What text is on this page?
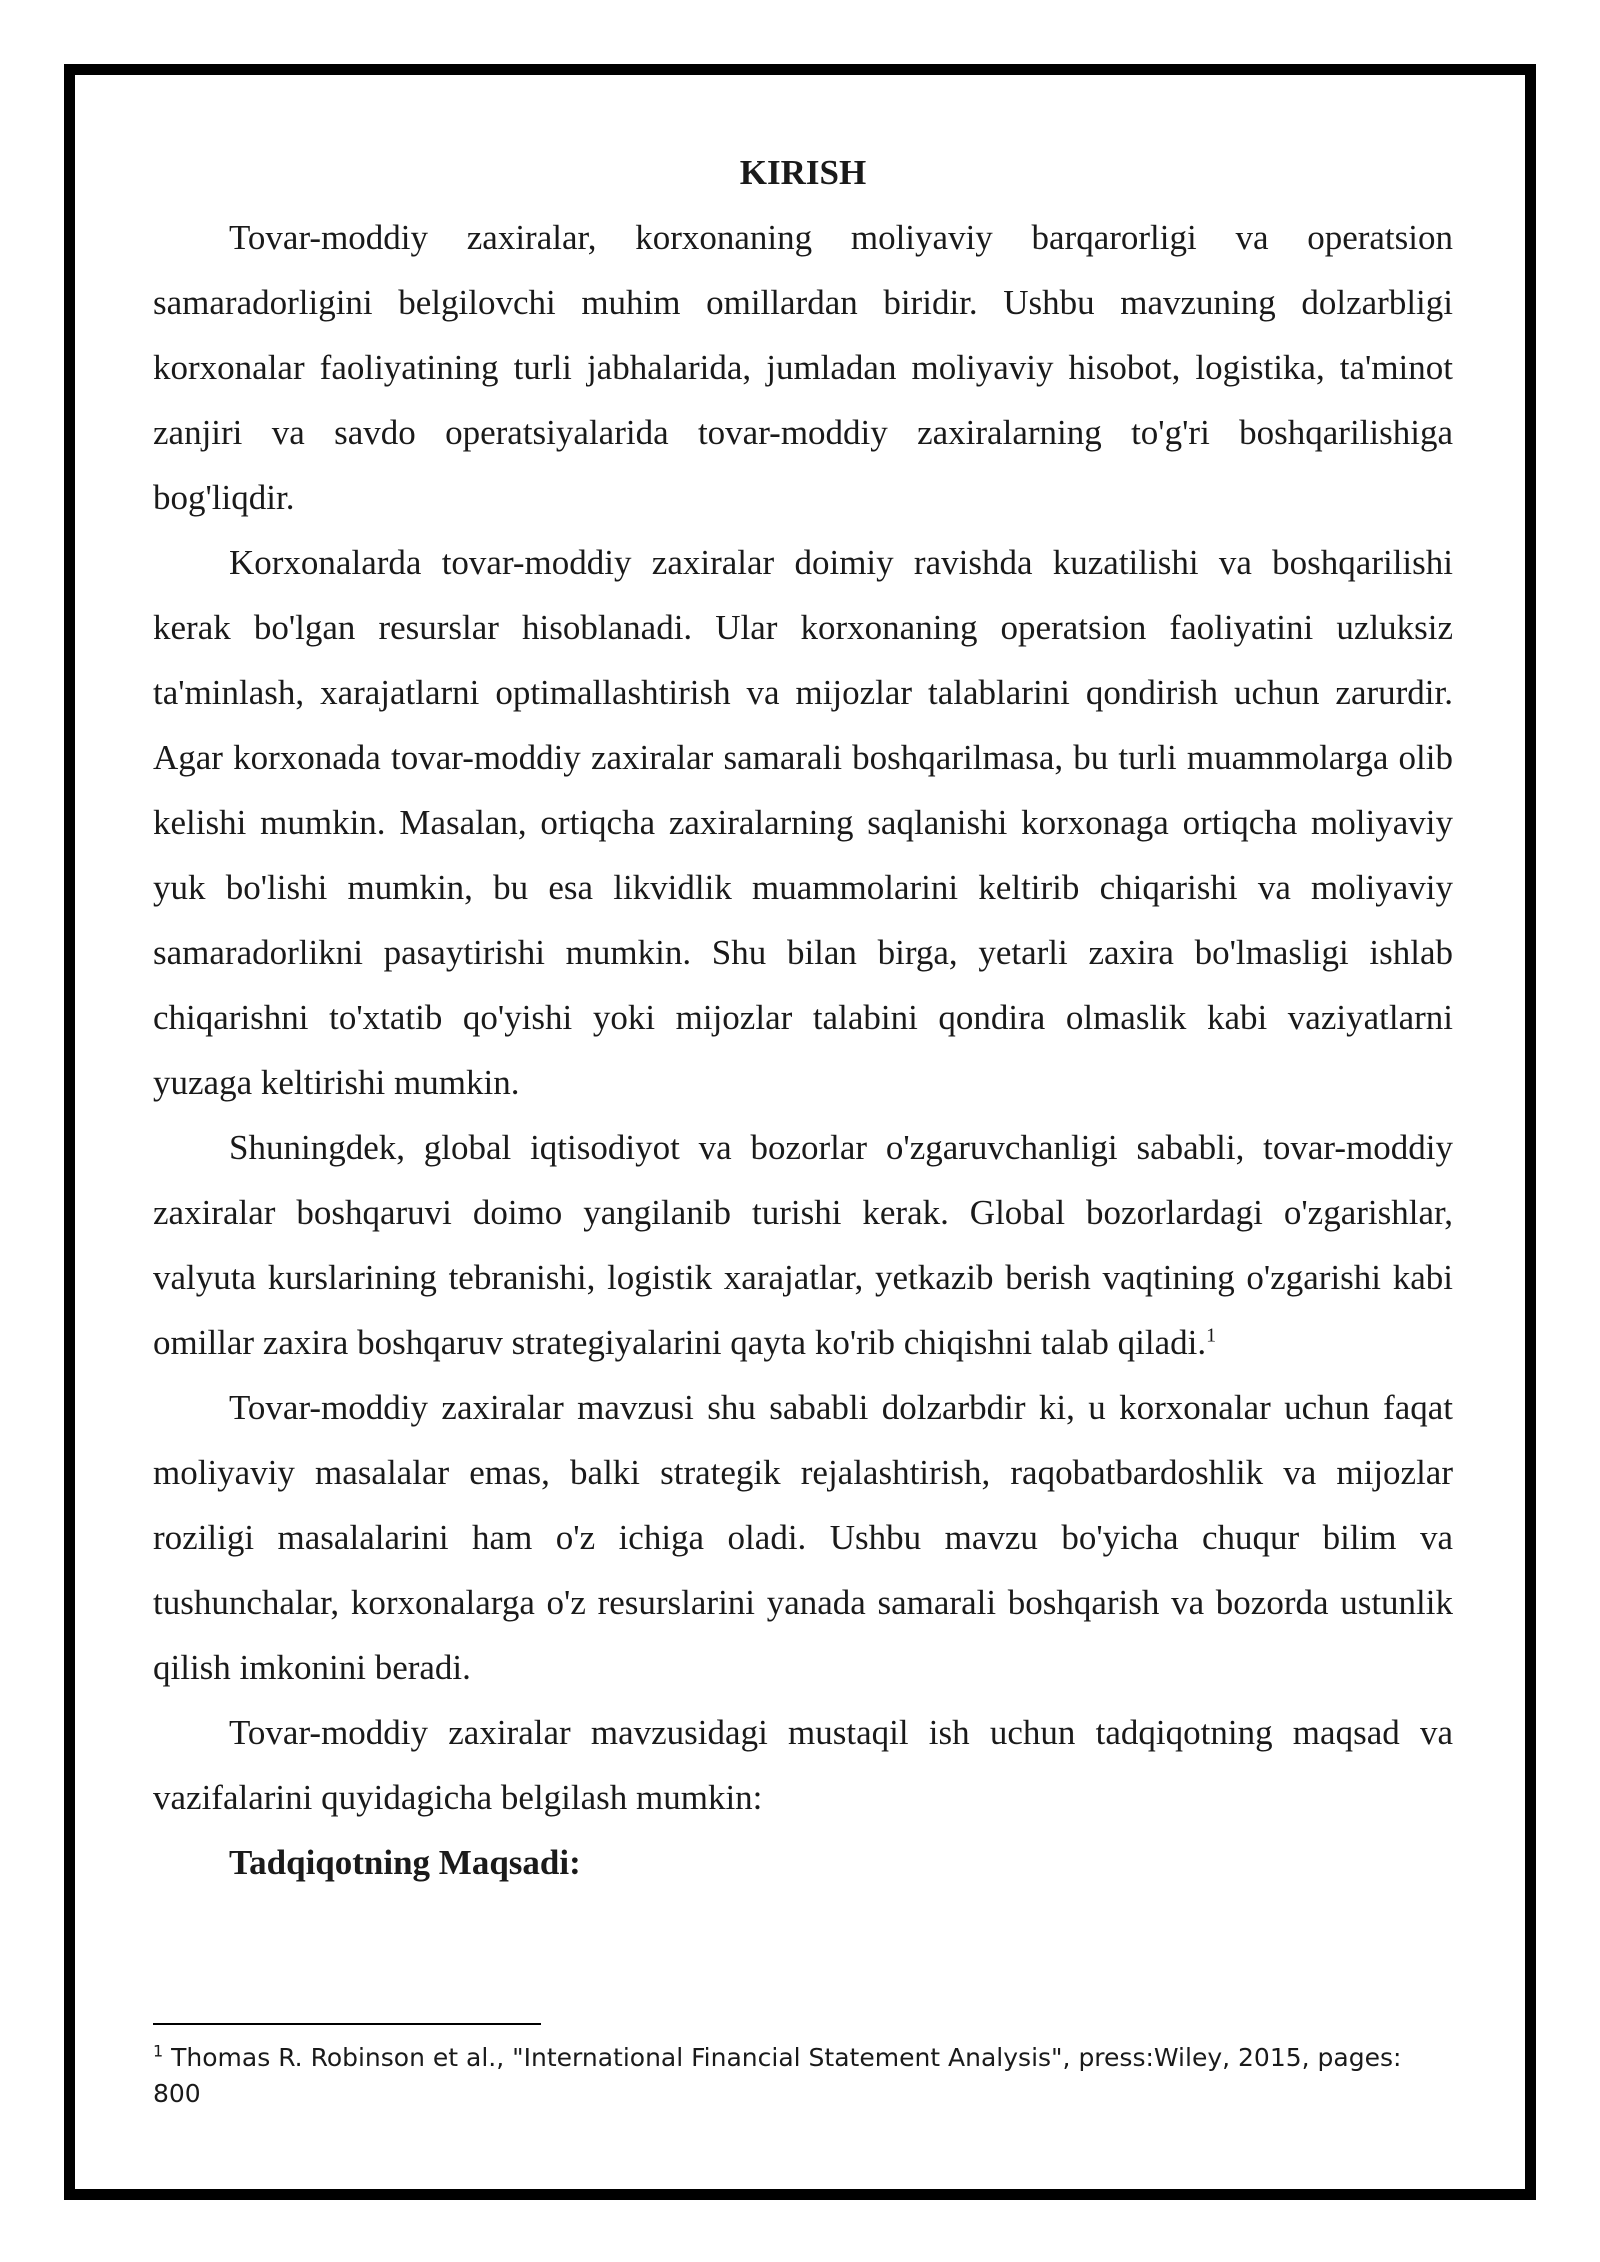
KIRISH

Tovar-moddiy zaxiralar, korxonaning moliyaviy barqarorligi va operatsion samaradorligini belgilovchi muhim omillardan biridir. Ushbu mavzuning dolzarbligi korxonalar faoliyatining turli jabhalarida, jumladan moliyaviy hisobot, logistika, ta'minot zanjiri va savdo operatsiyalarida tovar-moddiy zaxiralarning to'g'ri boshqarilishiga bog'liqdir.

Korxonalarda tovar-moddiy zaxiralar doimiy ravishda kuzatilishi va boshqarilishi kerak bo'lgan resurslar hisoblanadi. Ular korxonaning operatsion faoliyatini uzluksiz ta'minlash, xarajatlarni optimallashtirish va mijozlar talablarini qondirish uchun zarurdir. Agar korxonada tovar-moddiy zaxiralar samarali boshqarilmasa, bu turli muammolarga olib kelishi mumkin. Masalan, ortiqcha zaxiralarning saqlanishi korxonaga ortiqcha moliyaviy yuk bo'lishi mumkin, bu esa likvidlik muammolarini keltirib chiqarishi va moliyaviy samaradorlikni pasaytirishi mumkin. Shu bilan birga, yetarli zaxira bo'lmasligi ishlab chiqarishni to'xtatib qo'yishi yoki mijozlar talabini qondira olmaslik kabi vaziyatlarni yuzaga keltirishi mumkin.

Shuningdek, global iqtisodiyot va bozorlar o'zgaruvchanligi sababli, tovar-moddiy zaxiralar boshqaruvi doimo yangilanib turishi kerak. Global bozorlardagi o'zgarishlar, valyuta kurslarining tebranishi, logistik xarajatlar, yetkazib berish vaqtining o'zgarishi kabi omillar zaxira boshqaruv strategiyalarini qayta ko'rib chiqishni talab qiladi.$^1$

Tovar-moddiy zaxiralar mavzusi shu sababli dolzarbdir ki, u korxonalar uchun faqat moliyaviy masalalar emas, balki strategik rejalashtirish, raqobatbardoshlik va mijozlar roziligi masalalarini ham o'z ichiga oladi. Ushbu mavzu bo'yicha chuqur bilim va tushunchalar, korxonalarga o'z resurslarini yanada samarali boshqarish va bozorda ustunlik qilish imkonini beradi.

Tovar-moddiy zaxiralar mavzusidagi mustaqil ish uchun tadqiqotning maqsad va vazifalarini quyidagicha belgilash mumkin:

Tadqiqotning Maqsadi:

$^1$ Thomas R. Robinson et al., "International Financial Statement Analysis", press:Wiley, 2015, pages: 800
